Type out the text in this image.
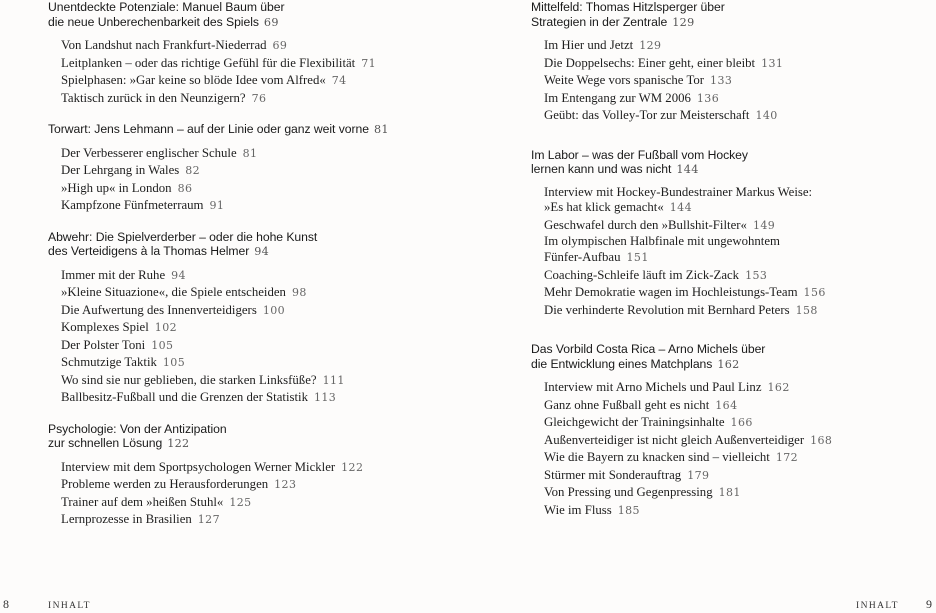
Unentdeckte Potenziale: Manuel Baum über
die neue Unberechenbarkeit des Spiels 69
Von Landshut nach Frankfurt-Niederrad 69
Leitplanken – oder das richtige Gefühl für die Flexibilität 71
Spielphasen: »Gar keine so blöde Idee vom Alfred« 74
Taktisch zurück in den Neunzigern? 76
Torwart: Jens Lehmann – auf der Linie oder ganz weit vorne 81
Der Verbesserer englischer Schule 81
Der Lehrgang in Wales 82
»High up« in London 86
Kampfzone Fünfmeterraum 91
Abwehr: Die Spielverderber – oder die hohe Kunst
des Verteidigens à la Thomas Helmer 94
Immer mit der Ruhe 94
»Kleine Situazione«, die Spiele entscheiden 98
Die Aufwertung des Innenverteidigers 100
Komplexes Spiel 102
Der Polster Toni 105
Schmutzige Taktik 105
Wo sind sie nur geblieben, die starken Linksfüße? 111
Ballbesitz-Fußball und die Grenzen der Statistik 113
Psychologie: Von der Antizipation
zur schnellen Lösung 122
Interview mit dem Sportpsychologen Werner Mickler 122
Probleme werden zu Herausforderungen 123
Trainer auf dem »heißen Stuhl« 125
Lernprozesse in Brasilien 127
Mittelfeld: Thomas Hitzlsperger über
Strategien in der Zentrale 129
Im Hier und Jetzt 129
Die Doppelsechs: Einer geht, einer bleibt 131
Weite Wege vors spanische Tor 133
Im Entengang zur WM 2006 136
Geübt: das Volley-Tor zur Meisterschaft 140
Im Labor – was der Fußball vom Hockey
lernen kann und was nicht 144
Interview mit Hockey-Bundestrainer Markus Weise:
»Es hat klick gemacht« 144
Geschwafel durch den »Bullshit-Filter« 149
Im olympischen Halbfinale mit ungewohntem
Fünfer-Aufbau 151
Coaching-Schleife läuft im Zick-Zack 153
Mehr Demokratie wagen im Hochleistungs-Team 156
Die verhinderte Revolution mit Bernhard Peters 158
Das Vorbild Costa Rica – Arno Michels über
die Entwicklung eines Matchplans 162
Interview mit Arno Michels und Paul Linz 162
Ganz ohne Fußball geht es nicht 164
Gleichgewicht der Trainingsinhalte 166
Außenverteidiger ist nicht gleich Außenverteidiger 168
Wie die Bayern zu knacken sind – vielleicht 172
Stürmer mit Sonderauftrag 179
Von Pressing und Gegenpressing 181
Wie im Fluss 185
8	INHALT	INHALT 9
